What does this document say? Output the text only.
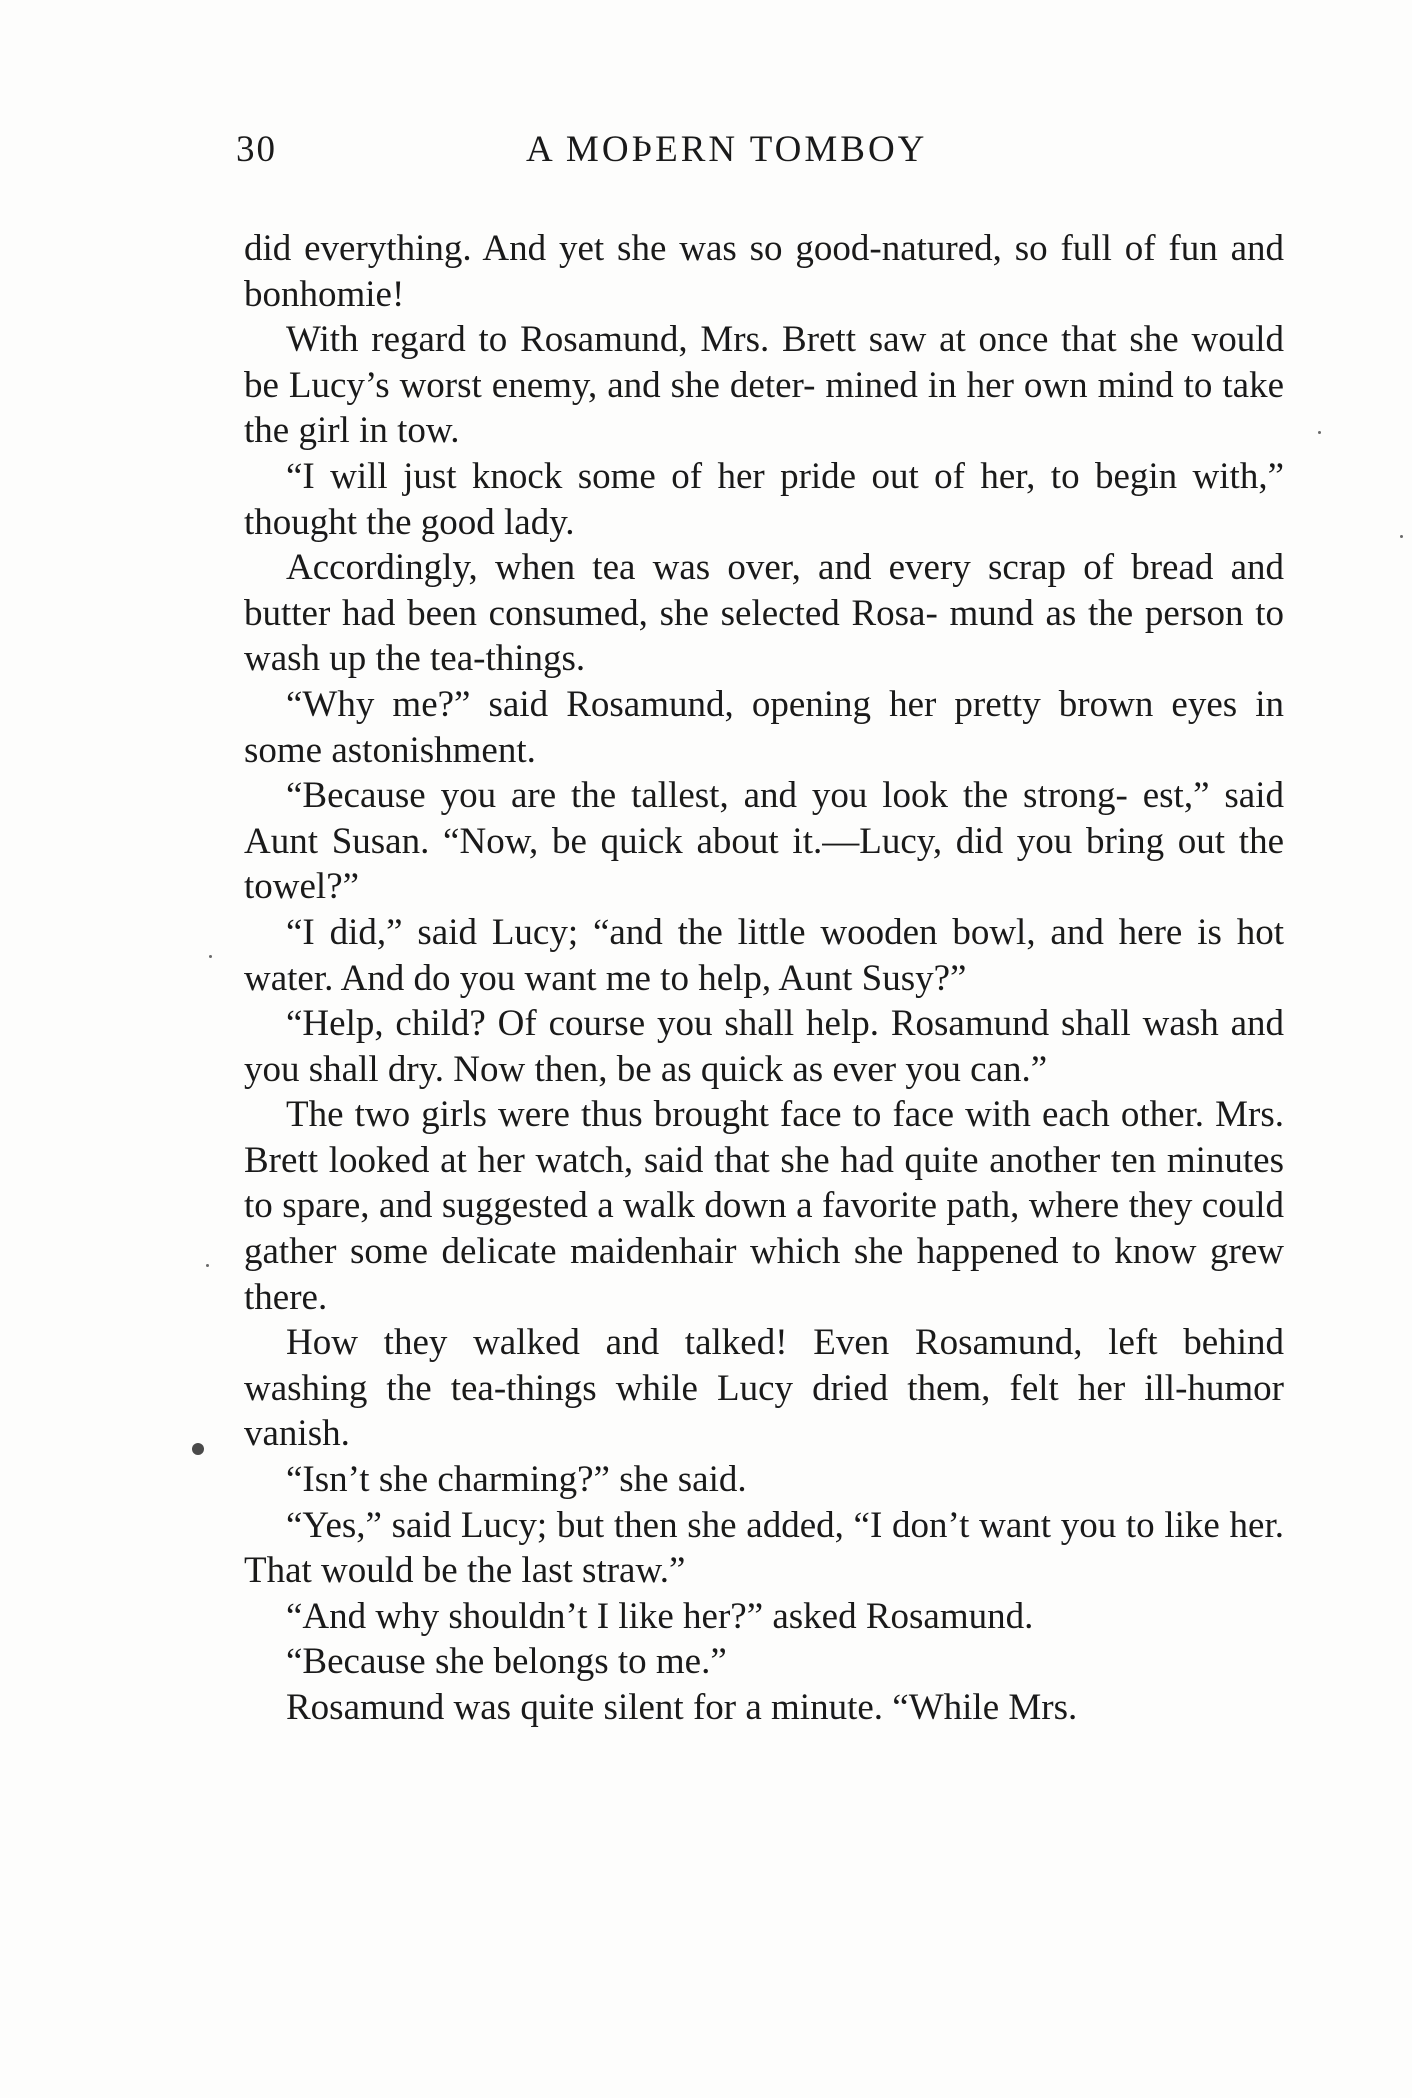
30	A MOÞERN TOMBOY

did everything. And yet she was so good-natured, so full of fun and bonhomie!

With regard to Rosamund, Mrs. Brett saw at once that she would be Lucy’s worst enemy, and she deter- mined in her own mind to take the girl in tow.

“I will just knock some of her pride out of her, to begin with,” thought the good lady.

Accordingly, when tea was over, and every scrap of bread and butter had been consumed, she selected Rosa- mund as the person to wash up the tea-things.

“Why me?” said Rosamund, opening her pretty brown eyes in some astonishment.

“Because you are the tallest, and you look the strong- est,” said Aunt Susan. “Now, be quick about it.—Lucy, did you bring out the towel?”

“I did,” said Lucy; “and the little wooden bowl, and here is hot water. And do you want me to help, Aunt Susy?”

“Help, child? Of course you shall help. Rosamund shall wash and you shall dry. Now then, be as quick as ever you can.”

The two girls were thus brought face to face with each other. Mrs. Brett looked at her watch, said that she had quite another ten minutes to spare, and suggested a walk down a favorite path, where they could gather some delicate maidenhair which she happened to know grew there.

How they walked and talked! Even Rosamund, left behind washing the tea-things while Lucy dried them, felt her ill-humor vanish.

“Isn’t she charming?” she said.

“Yes,” said Lucy; but then she added, “I don’t want you to like her. That would be the last straw.”

“And why shouldn’t I like her?” asked Rosamund.

“Because she belongs to me.”

Rosamund was quite silent for a minute. “While Mrs.
